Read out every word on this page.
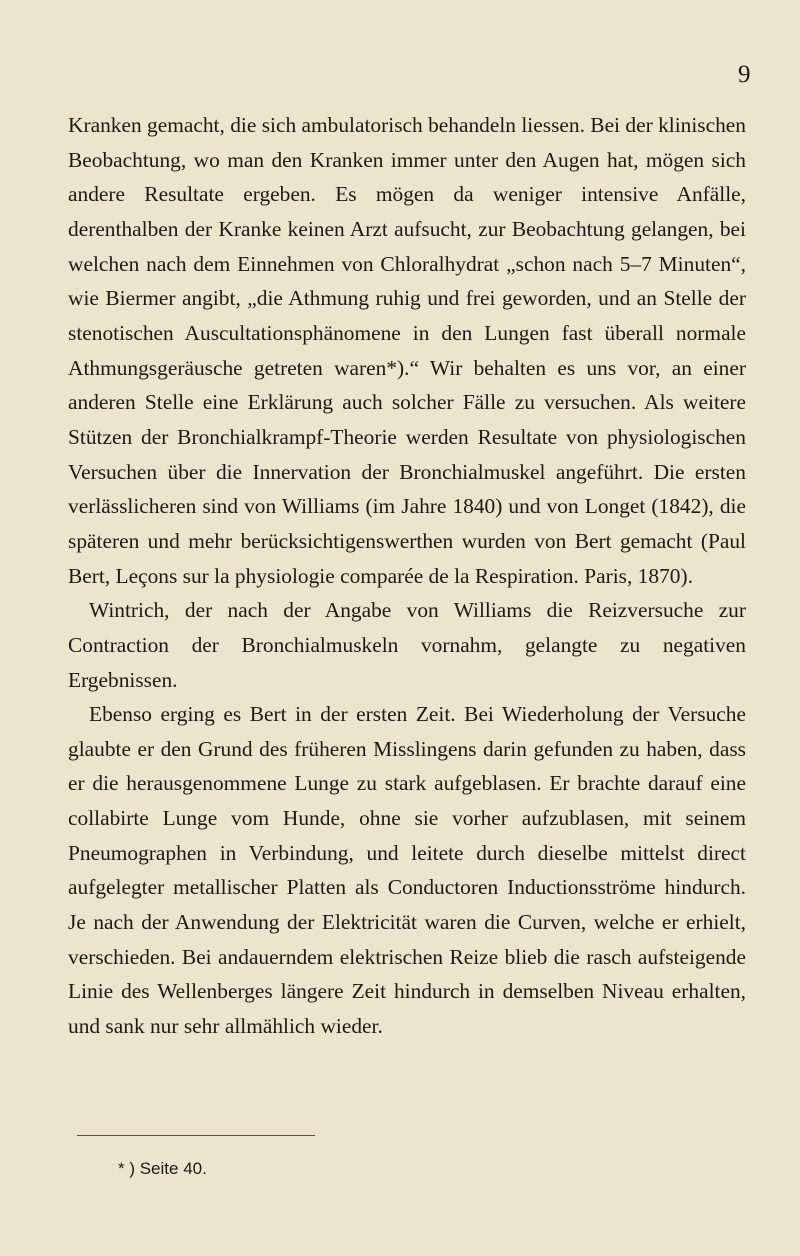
9

Kranken gemacht, die sich ambulatorisch behandeln liessen. Bei der klinischen Beobachtung, wo man den Kranken immer unter den Augen hat, mögen sich andere Resultate ergeben. Es mögen da weniger intensive Anfälle, derenthalben der Kranke keinen Arzt aufsucht, zur Beobachtung gelangen, bei welchen nach dem Einnehmen von Chloralhydrat „schon nach 5–7 Minuten“, wie Biermer angibt, „die Athmung ruhig und frei geworden, und an Stelle der stenotischen Auscultationsphänomene in den Lungen fast überall normale Athmungsgeräusche getreten waren*).“ Wir behalten es uns vor, an einer anderen Stelle eine Erklärung auch solcher Fälle zu versuchen. Als weitere Stützen der Bronchialkrampf-Theorie werden Resultate von physiologischen Versuchen über die Innervation der Bronchialmuskel angeführt. Die ersten verlässlicheren sind von Williams (im Jahre 1840) und von Longet (1842), die späteren und mehr berücksichtigenswerthen wurden von Bert gemacht (Paul Bert, Leçons sur la physiologie comparée de la Respiration. Paris, 1870).

Wintrich, der nach der Angabe von Williams die Reizversuche zur Contraction der Bronchialmuskeln vornahm, gelangte zu negativen Ergebnissen.

Ebenso erging es Bert in der ersten Zeit. Bei Wiederholung der Versuche glaubte er den Grund des früheren Misslingens darin gefunden zu haben, dass er die herausgenommene Lunge zu stark aufgeblasen. Er brachte darauf eine collabirte Lunge vom Hunde, ohne sie vorher aufzublasen, mit seinem Pneumographen in Verbindung, und leitete durch dieselbe mittelst direct aufgelegter metallischer Platten als Conductoren Inductionsströme hindurch. Je nach der Anwendung der Elektricität waren die Curven, welche er erhielt, verschieden. Bei andauerndem elektrischen Reize blieb die rasch aufsteigende Linie des Wellenberges längere Zeit hindurch in demselben Niveau erhalten, und sank nur sehr allmählich wieder.

* ) Seite 40.
